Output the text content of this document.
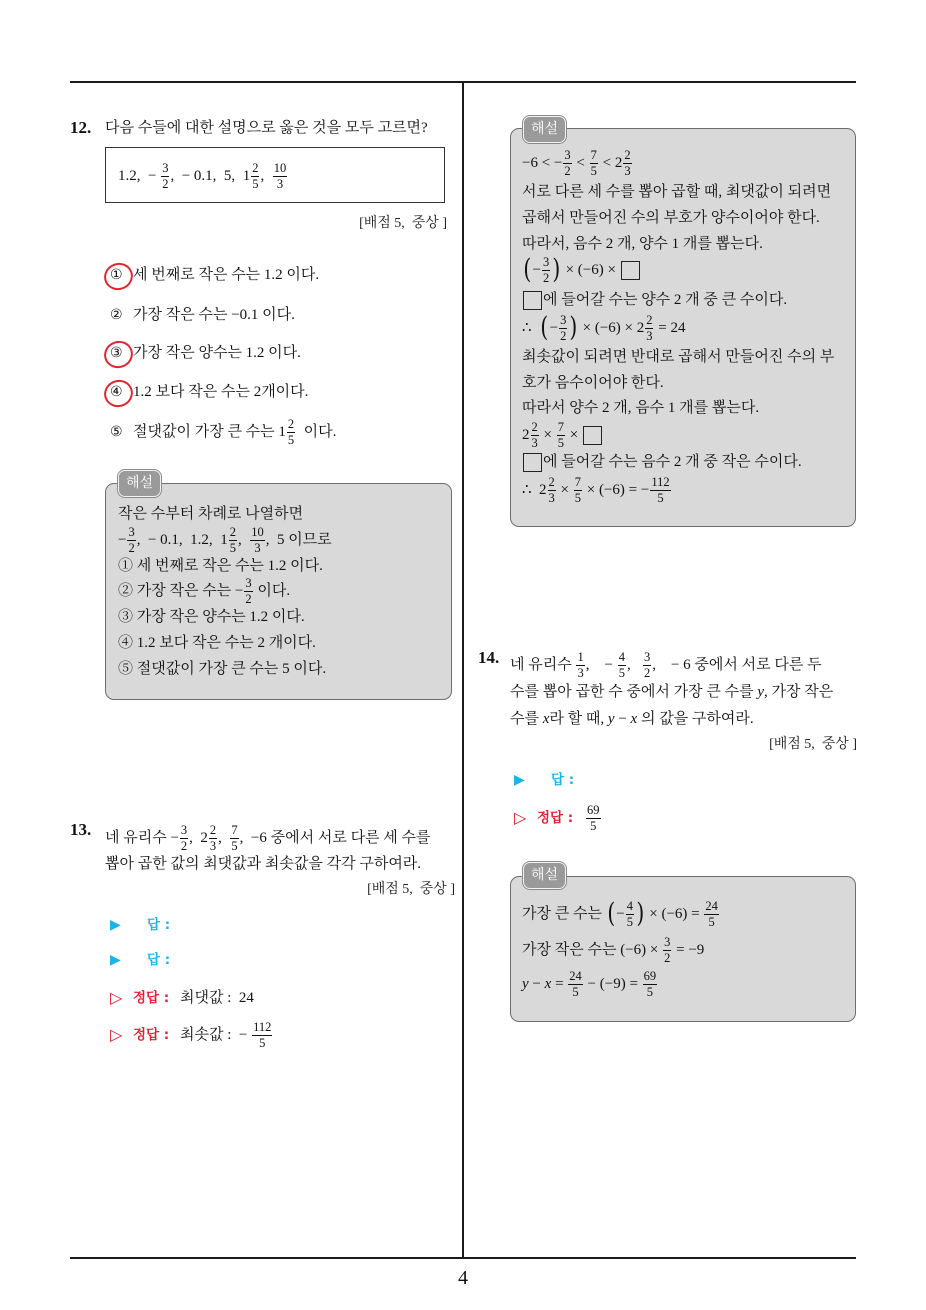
4
12. 다음 수들에 대한 설명으로 옳은 것을 모두 고르면?
1.2,  − $\frac{3}{2}$ ,  − 0.1,  5, $1 \frac{2}{5}$ , $\frac{10}{3}$
[배점 5,  중상 ]
① 세 번째로 작은 수는 1.2 이다.
② 가장 작은 수는 −0.1 이다.
③ 가장 작은 양수는 1.2 이다.
④ 1.2 보다 작은 수는 2개이다.
⑤ 절댓값이 가장 큰 수는 $1 \frac{2}{5}$ 이다.
해설
작은 수부터 차례로 나열하면
− $\frac{3}{2}$ ,  − 0.1,  1.2, $1 \frac{2}{5}$ , $\frac{10}{3}$ ,  5 이므로
① 세 번째로 작은 수는 1.2 이다.
② 가장 작은 수는 − $\frac{3}{2}$ 이다.
③ 가장 작은 양수는 1.2 이다.
④ 1.2 보다 작은 수는 2 개이다.
⑤ 절댓값이 가장 큰 수는 5 이다.
13. 네 유리수 − $\frac{3}{2}$ , $2 \frac{2}{3}$ , $\frac{7}{5}$ ,  −6 중에서 서로 다른 세 수를
뽑아 곱한 값의 최댓값과 최솟값을 각각 구하여라.
[배점 5,  중상 ]
▶	답 :
▶	답 :
▷ 정답 : 최댓값 :  24
▷ 정답 : 최솟값 :  − $\frac{112}{5}$
해설
−6 < − $\frac{3}{2} < \frac{7}{5} < 2 \frac{2}{3}$
서로 다른 세 수를 뽑아 곱할 때, 최댓값이 되려면
곱해서 만들어진 수의 부호가 양수이어야 한다.
따라서, 음수 2 개, 양수 1 개를 뽑는다.
( − $\frac{3}{2}$ ) × (−6) ×
에 들어갈 수는 양수 2 개 중 큰 수이다.
∴ ( − $\frac{3}{2}$ ) × $(-6) \times 2 \frac{2}{3} = 24$
최솟값이 되려면 반대로 곱해서 만들어진 수의 부
호가 음수이어야 한다.
따라서 양수 2 개, 음수 1 개를 뽑는다.
$2 \frac{2}{3} \times \frac{7}{5}$ ×
에 들어갈 수는 음수 2 개 중 작은 수이다.
∴ $2 \frac{2}{3} \times \frac{7}{5} \times (-6)$ = − $\frac{112}{5}$
14. 네 유리수 $\frac{1}{3}$ ,    − $\frac{4}{5}$ , $\frac{3}{2}$ ,    − 6 중에서 서로 다른 두
수를 뽑아 곱한 수 중에서 가장 큰 수를 y , 가장 작은
수를 x 라 할 때, y − x 의 값을 구하여라.
[배점 5,  중상 ]
▶	답 :
▷ 정답 :	$\frac{69}{5}$
해설
가장 큰 수는 ( − $\frac{4}{5}$ ) × $(-6) = \frac{24}{5}$
가장 작은 수는 $(-6) \times \frac{3}{2} = -9$
$y - x = \frac{24}{5} - (-9) = \frac{69}{5}$
